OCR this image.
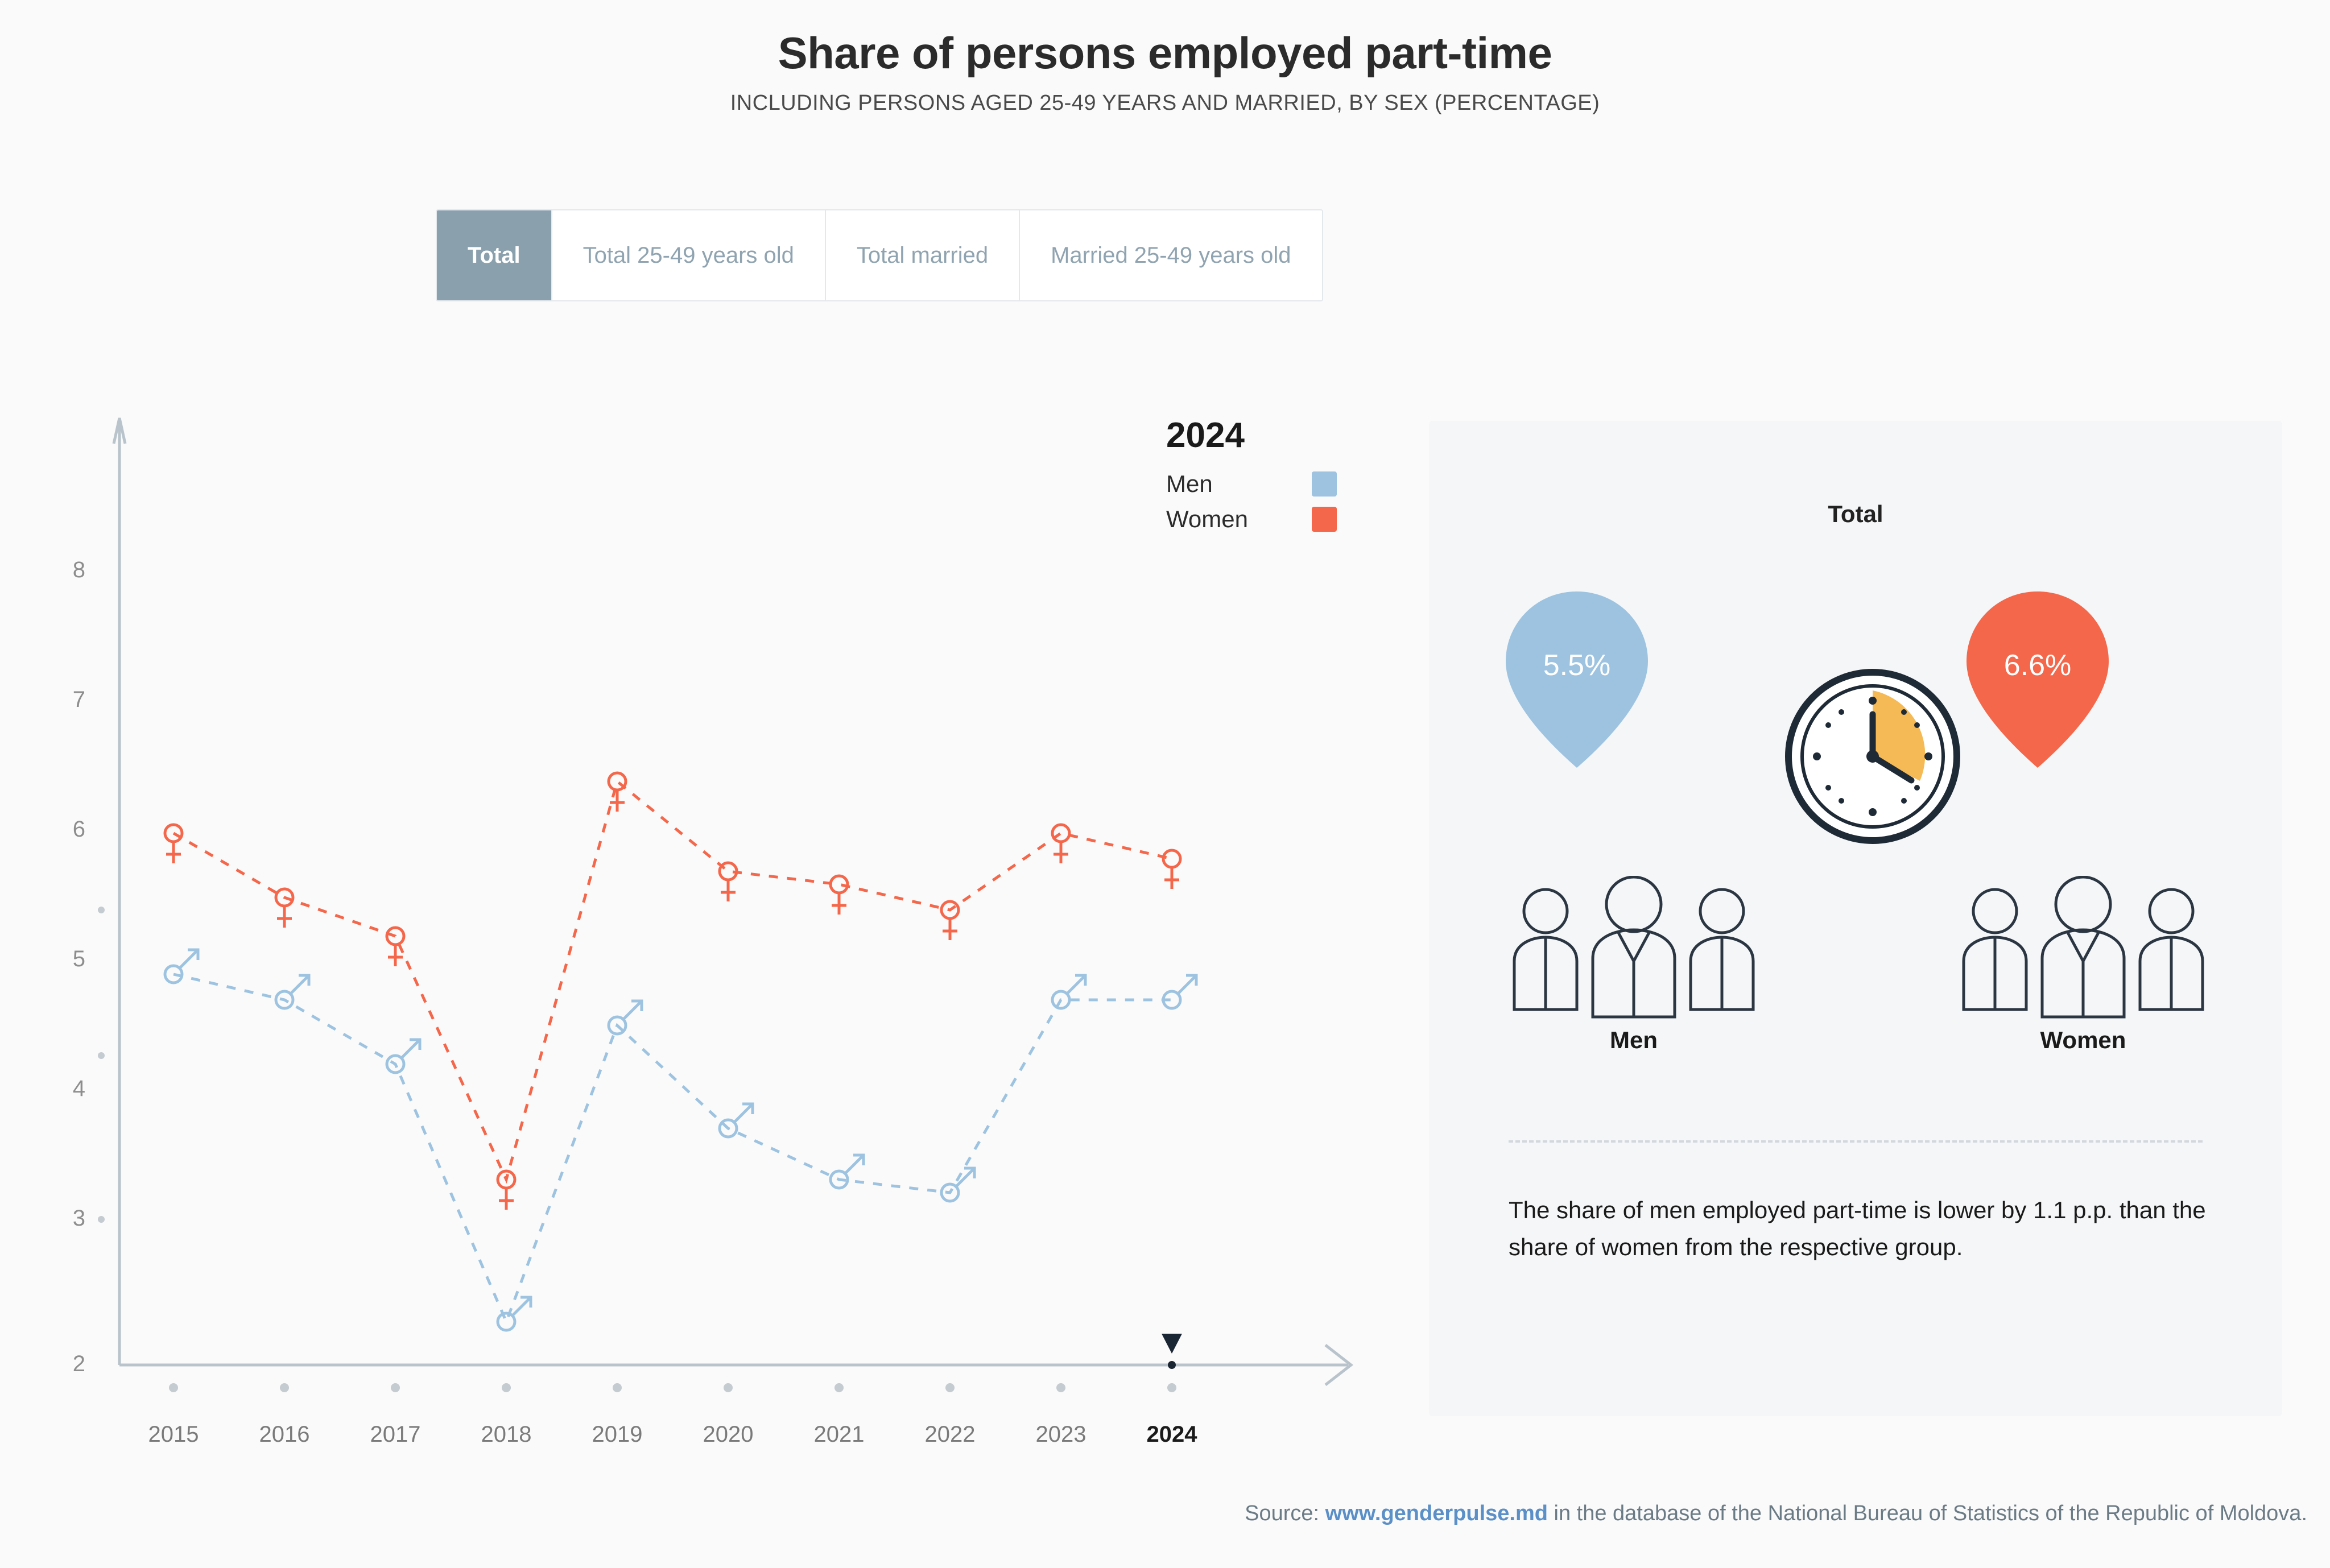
Share of persons employed part-time
INCLUDING PERSONS AGED 25-49 YEARS AND MARRIED, BY SEX (PERCENTAGE)
Total	Total 25-49 years old	Total married	Married 25-49 years old
2
3
4
5
6
7
8
2015	2016	2017	2018	2019	2020	2021	2022	2023	2024
2024
Men
Women	Total
5.5%	6.6%
Men	Women
The share of men employed part-time is lower by 1.1 p.p. than the share of women from the respective group.
Source: www.genderpulse.md in the database of the National Bureau of Statistics of the Republic of Moldova.
